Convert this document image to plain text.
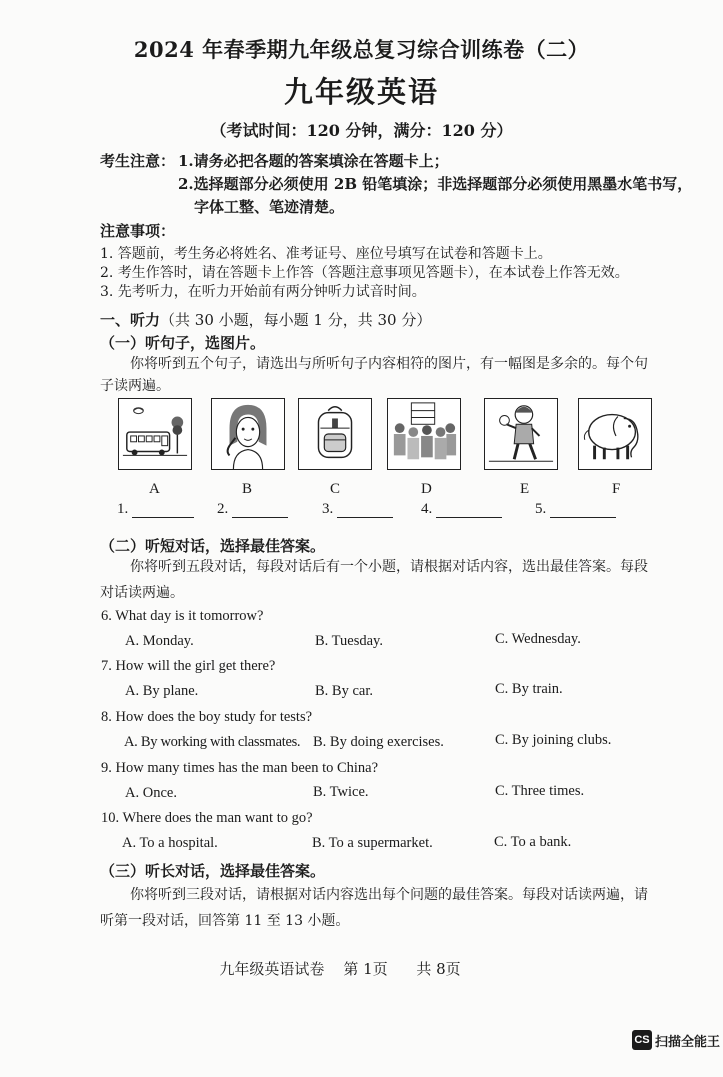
2024 年春季期九年级总复习综合训练卷（二）
九年级英语
（考试时间：120 分钟，满分：120 分）
考生注意： 1.请务必把各题的答案填涂在答题卡上；
2.选择题部分必须使用 2B 铅笔填涂；非选择题部分必须使用黑墨水笔书写，
字体工整、笔迹清楚。
注意事项：
1. 答题前，考生务必将姓名、准考证号、座位号填写在试卷和答题卡上。
2. 考生作答时，请在答题卡上作答（答题注意事项见答题卡），在本试卷上作答无效。
3. 先考听力，在听力开始前有两分钟听力试音时间。
一、听力（共 30 小题，每小题 1 分，共 30 分）
（一）听句子，选图片。
你将听到五个句子，请选出与所听句子内容相符的图片，有一幅图是多余的。每个句
子读两遍。
A	B	C	D	E	F
1.	2.	3.	4.	5.
（二）听短对话，选择最佳答案。
你将听到五段对话，每段对话后有一个小题，请根据对话内容，选出最佳答案。每段
对话读两遍。
6. What day is it tomorrow?
A. Monday.	B. Tuesday.	C. Wednesday.
7. How will the girl get there?
A. By plane.	B. By car.	C. By train.
8. How does the boy study for tests?
A. By working with classmates. B. By doing exercises.	C. By joining clubs.
9. How many times has the man been to China?
A. Once.	B. Twice.	C. Three times.
10. Where does the man want to go?
A. To a hospital.	B. To a supermarket.	C. To a bank.
（三）听长对话，选择最佳答案。
你将听到三段对话，请根据对话内容选出每个问题的最佳答案。每段对话读两遍，请
听第一段对话，回答第 11 至 13 小题。
九年级英语试卷    第 1页      共 8页
CS 扫描全能王
